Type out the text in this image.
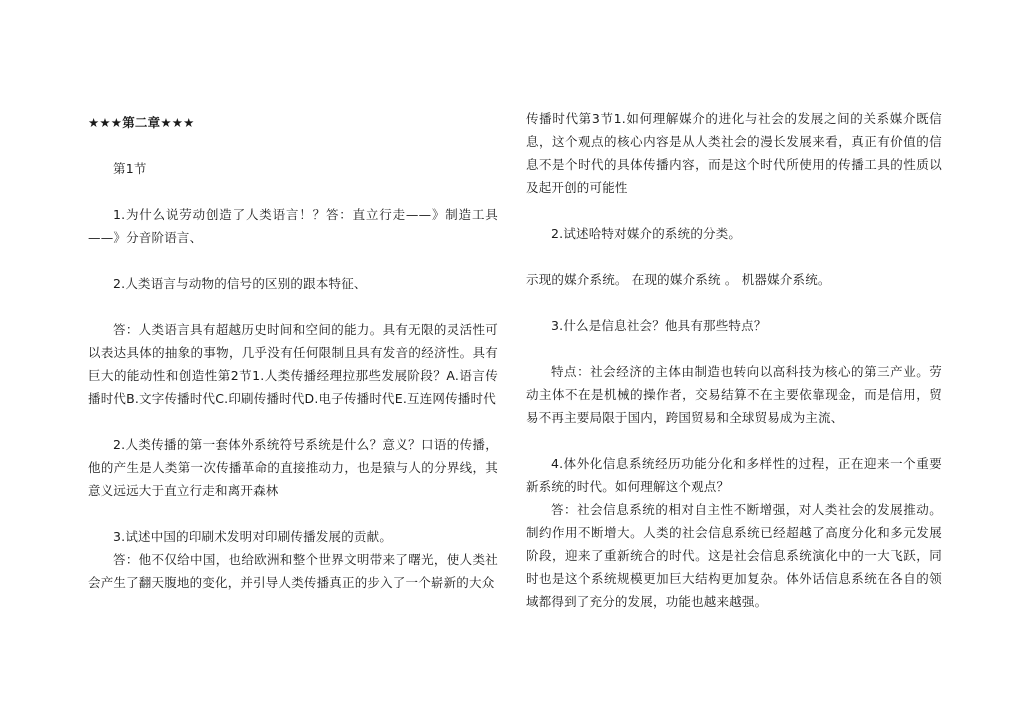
★★★第二章★★★

第1节

1.为什么说劳动创造了人类语言！？答：直立行走——》制造工具——》分音阶语言、

2.人类语言与动物的信号的区别的跟本特征、

答：人类语言具有超越历史时间和空间的能力。具有无限的灵活性可以表达具体的抽象的事物，几乎没有任何限制且具有发音的经济性。具有巨大的能动性和创造性第2节1.人类传播经理拉那些发展阶段？A.语言传播时代B.文字传播时代C.印刷传播时代D.电子传播时代E.互连网传播时代

2.人类传播的第一套体外系统符号系统是什么？意义？口语的传播，他的产生是人类第一次传播革命的直接推动力，也是猿与人的分界线，其意义远远大于直立行走和离开森林

3.试述中国的印刷术发明对印刷传播发展的贡献。

答：他不仅给中国，也给欧洲和整个世界文明带来了曙光，使人类社会产生了翻天腹地的变化，并引导人类传播真正的步入了一个崭新的大众

传播时代第3节1.如何理解媒介的进化与社会的发展之间的关系媒介既信息，这个观点的核心内容是从人类社会的漫长发展来看，真正有价值的信息不是个时代的具体传播内容，而是这个时代所使用的传播工具的性质以及起开创的可能性

2.试述哈特对媒介的系统的分类。

示现的媒介系统。 在现的媒介系统 。 机器媒介系统。

3.什么是信息社会？他具有那些特点？

特点：社会经济的主体由制造也转向以高科技为核心的第三产业。劳动主体不在是机械的操作者，交易结算不在主要依靠现金，而是信用，贸易不再主要局限于国内，跨国贸易和全球贸易成为主流、

4.体外化信息系统经历功能分化和多样性的过程，正在迎来一个重要新系统的时代。如何理解这个观点？

答：社会信息系统的相对自主性不断增强，对人类社会的发展推动。制约作用不断增大。人类的社会信息系统已经超越了高度分化和多元发展阶段，迎来了重新统合的时代。这是社会信息系统演化中的一大飞跃，同时也是这个系统规模更加巨大结构更加复杂。体外话信息系统在各自的领域都得到了充分的发展，功能也越来越强。
